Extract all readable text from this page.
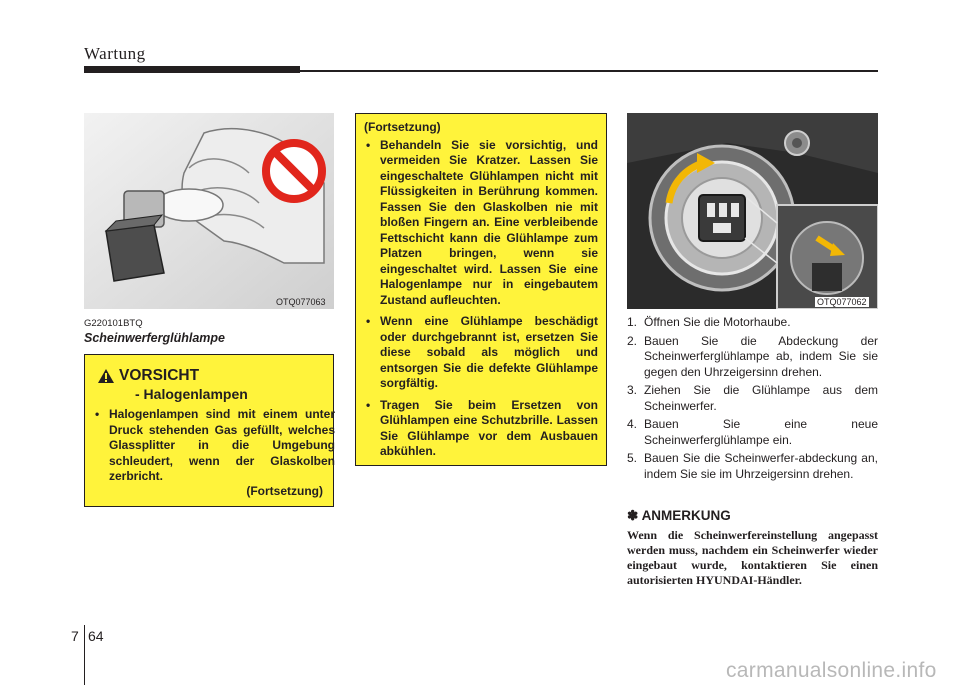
Wartung
OTQ077063
G220101BTQ
Scheinwerferglühlampe
VORSICHT
- Halogenlampen
• Halogenlampen sind mit einem unter Druck stehenden Gas gefüllt, welches Glassplitter in die Umgebung schleudert, wenn der Glaskolben zerbricht.
(Fortsetzung)
(Fortsetzung)
• Behandeln Sie sie vorsichtig, und vermeiden Sie Kratzer. Lassen Sie eingeschaltete Glühlampen nicht mit Flüssigkeiten in Berührung kommen. Fassen Sie den Glaskolben nie mit bloßen Fingern an. Eine verbleibende Fettschicht kann die Glühlampe zum Platzen bringen, wenn sie eingeschaltet wird. Lassen Sie eine Halogenlampe nur in eingebautem Zustand aufleuchten.
• Wenn eine Glühlampe beschädigt oder durchgebrannt ist, ersetzen Sie diese sobald als möglich und entsorgen Sie die defekte Glühlampe sorgfältig.
• Tragen Sie beim Ersetzen von Glühlampen eine Schutzbrille. Lassen Sie Glühlampe vor dem Ausbauen abkühlen.
OTQ077062
1. Öffnen Sie die Motorhaube.
2. Bauen Sie die Abdeckung der Scheinwerferglühlampe ab, indem Sie sie gegen den Uhrzeigersinn drehen.
3. Ziehen Sie die Glühlampe aus dem Scheinwerfer.
4. Bauen Sie eine neue Scheinwerferglühlampe ein.
5. Bauen Sie die Scheinwerfer-abdeckung an, indem Sie sie im Uhrzeigersinn drehen.
✽ ANMERKUNG
Wenn die Scheinwerfereinstellung angepasst werden muss, nachdem ein Scheinwerfer wieder eingebaut wurde, kontaktieren Sie einen autorisierten HYUNDAI-Händler.
7 64
carmanualsonline.info
